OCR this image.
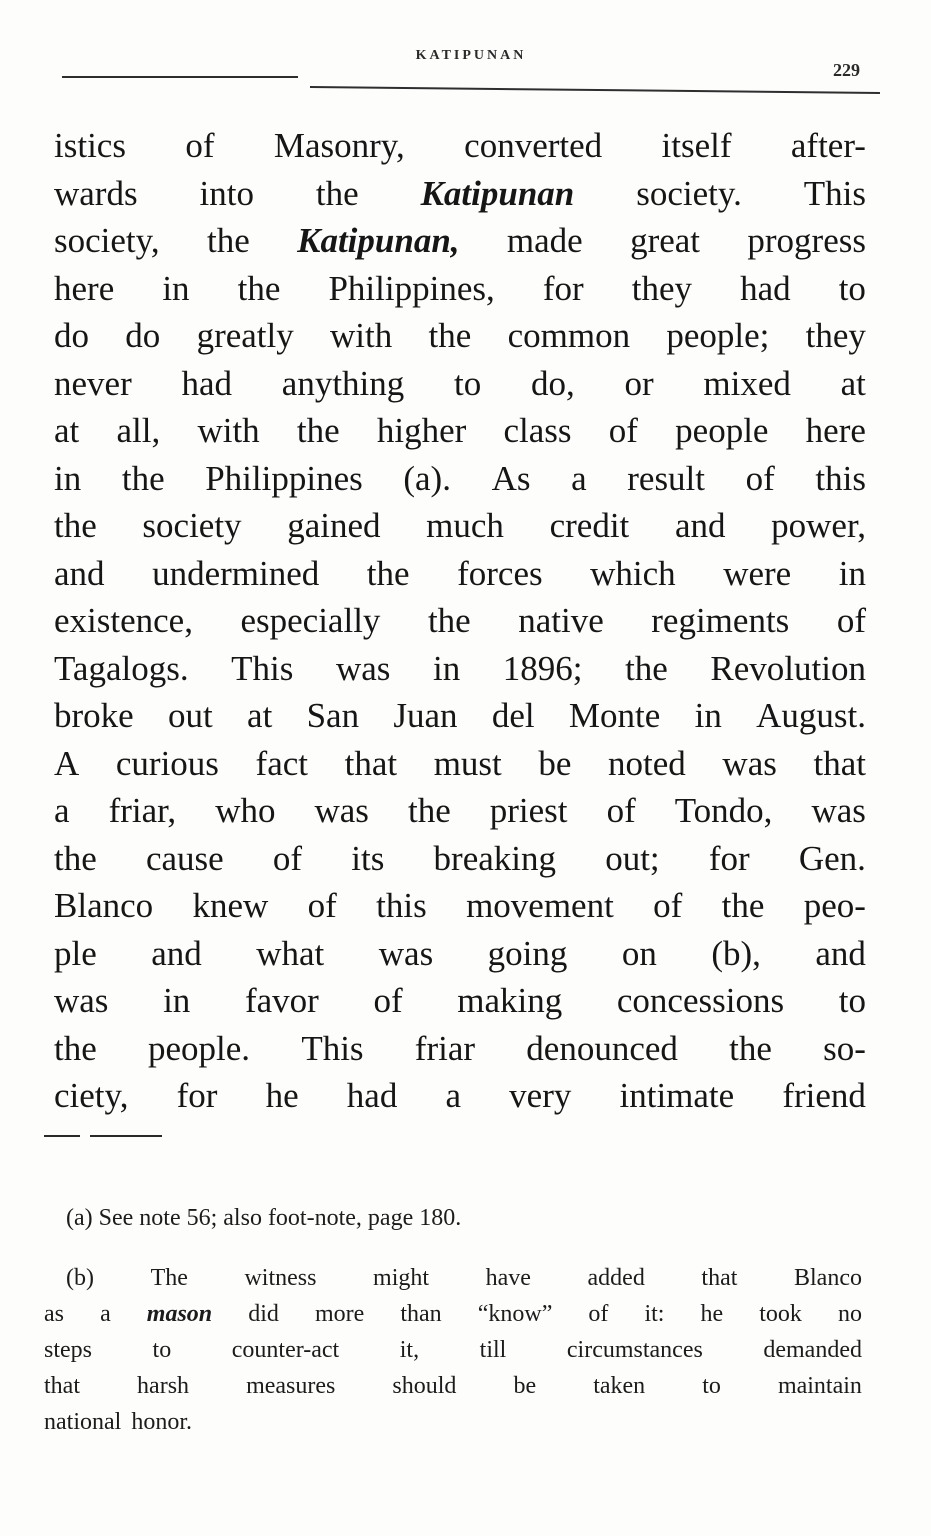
KATIPUNAN
229
istics of Masonry, converted itself after-
wards into the Katipunan society. This
society, the Katipunan, made great progress
here in the Philippines, for they had to
do do greatly with the common people; they
never had anything to do, or mixed at
at all, with the higher class of people here
in the Philippines (a). As a result of this
the society gained much credit and power,
and undermined the forces which were in
existence, especially the native regiments of
Tagalogs. This was in 1896; the Revolution
broke out at San Juan del Monte in August.
A curious fact that must be noted was that
a friar, who was the priest of Tondo, was
the cause of its breaking out; for Gen.
Blanco knew of this movement of the peo-
ple and what was going on (b), and
was in favor of making concessions to
the people. This friar denounced the so-
ciety, for he had a very intimate friend
(a) See note 56; also foot-note, page 180.
(b) The witness might have added that Blanco
as a mason did more than “know” of it: he took no
steps	to	counter-act	it,	till	circumstances	demanded
that harsh measures should be taken to maintain
national honor.
